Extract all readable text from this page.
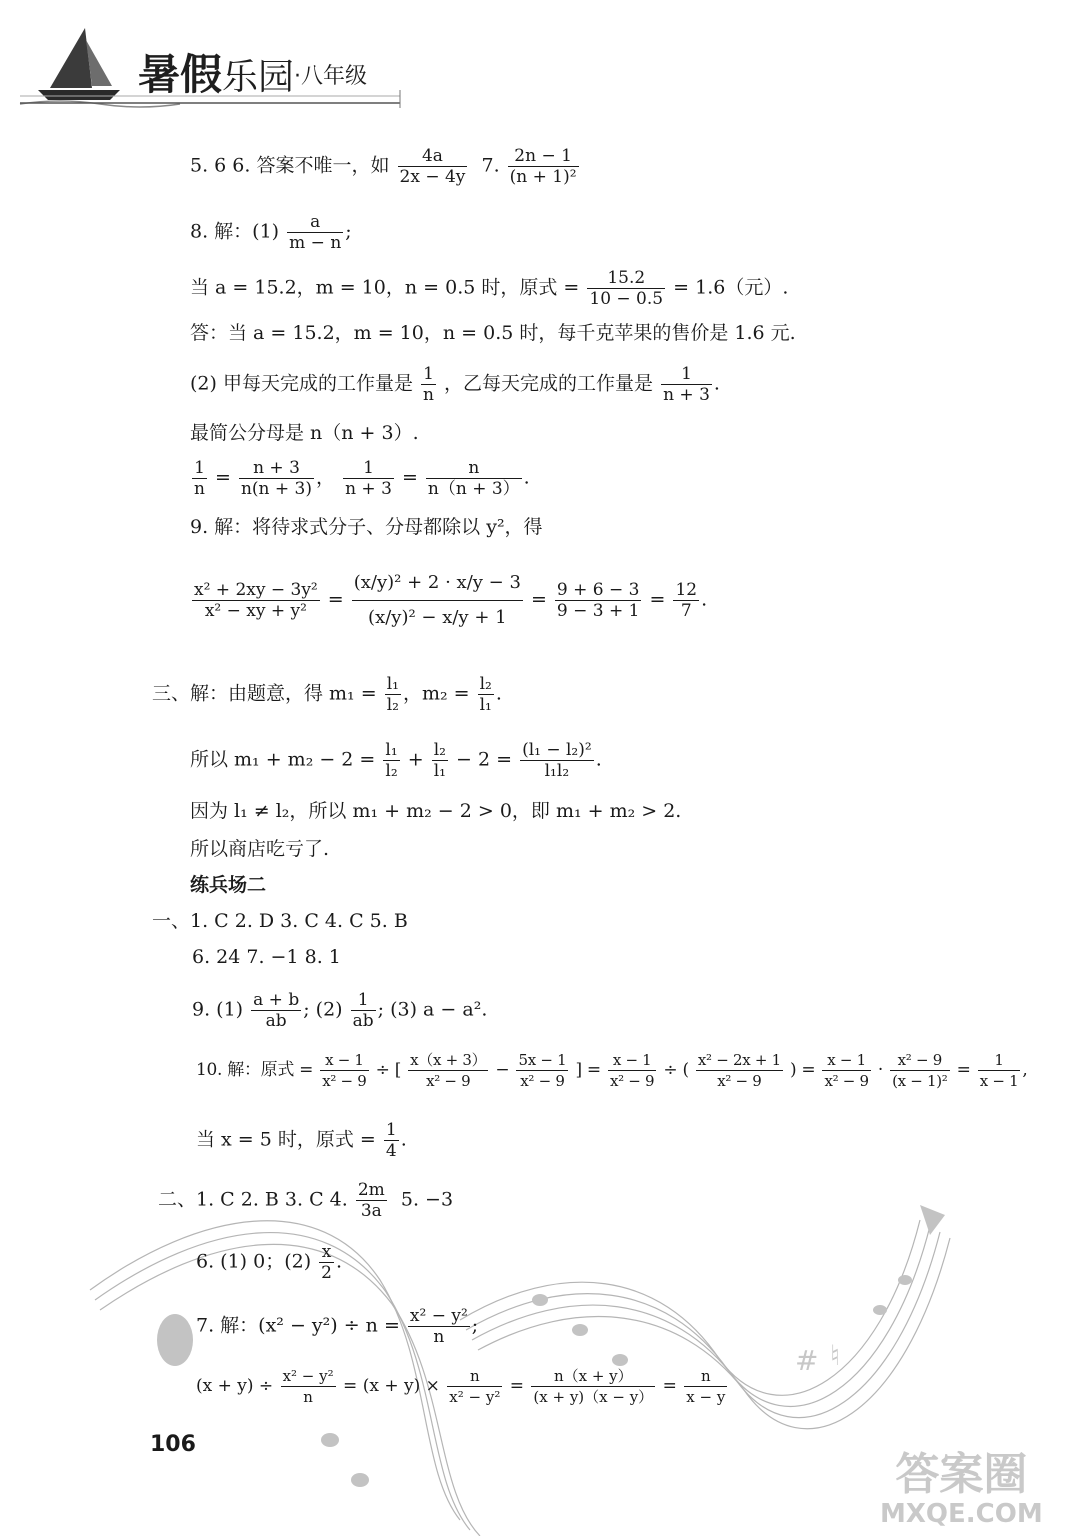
暑假乐园·八年级
# ♮
5. 6 6. 答案不唯一，如 $\frac{4a}{2x - 4y} 7$. $\frac{2n - 1}{\text{(n + 1)²}}$
8. 解：$(1) \frac{a}{m - n}$ ;
当 a = 15.2，m = 10，n = 0.5 时，原式 = $\frac{15.2}{10 - 0.5} = 1.6$（元）.
答：当 a = 15.2，m = 10，n = 0.5 时，每千克苹果的售价是 1.6 元.
(2) 甲每天完成的工作量是 $\frac{1}{n}$ ，乙每天完成的工作量是 $\frac{1}{n + 3}$ .
最简公分母是 n（n + 3）.
$\frac{1}{n} = \frac{n + 3}{n(n + 3)}$ ， $\frac{1}{n + 3} = \frac{n}{n(n + 3)}$ .
9. 解：将待求式分子、分母都除以 y²，得
$\frac{\text{x² + 2xy − 3y²}}{\text{x² − xy + y²}} = \frac{\text{(x/y)² + 2 · x/y − 3}}{\text{(x/y)² − x/y + 1}} = \frac{9 + 6 - 3}{9 - 3 + 1} = \frac{12}{7}$ .
三、解：由题意，得 $m_1 = \frac{\text{l₁}}{\text{l₂}}$ ，$m_2 = \frac{\text{l₂}}{\text{l₁}}$ .
所以 $m_1 + m_2 - 2 = \frac{\text{l₁}}{\text{l₂}} + \frac{\text{l₂}}{\text{l₁}} - 2 = \frac{\text{(l₁ − l₂)²}}{\text{l₁l₂}}$ .
因为 l₁ ≠ l₂，所以 m₁ + m₂ − 2 > 0，即 m₁ + m₂ > 2.
所以商店吃亏了.
练兵场二
一、1. C 2. D 3. C 4. C 5. B
6. 24 7. −1 8. 1
9. $(1) \frac{a + b}{ab}$ ; $(2) \frac{1}{ab}$ ; (3) a − a².
10. 解：原式 = $\frac{x - 1}{\text{x² − 9}}$ ÷ [ $\frac{x(x + 3)}{\text{x² − 9}} - \frac{5x - 1}{\text{x² − 9}}$ ] = $\frac{x - 1}{\text{x² − 9}}$ ÷ ( $\frac{\text{x² − 2x + 1}}{\text{x² − 9}}$ ) = $\frac{x - 1}{\text{x² − 9}} \cdot \frac{\text{x² − 9}}{\text{(x − 1)²}} = \frac{1}{x - 1}$ ,
当 x = 5 时，原式 = $\frac{1}{4}$ .
二、1. C 2. B 3. C 4. $\frac{2m}{3a} 5$. −3
6. (1) 0；$(2) \frac{x}{2}$ .
7. 解：$(x^2 - y^2) \div n = \frac{\text{x² − y²}}{n}$ ;
$(x + y) \div \frac{\text{x² − y²}}{n} = (x + y) \times \frac{n}{\text{x² − y²}} = \frac{n(x + y)}{(x + y)(x - y)} = \frac{n}{x - y}$
106
答案圈
MXQE.COM
